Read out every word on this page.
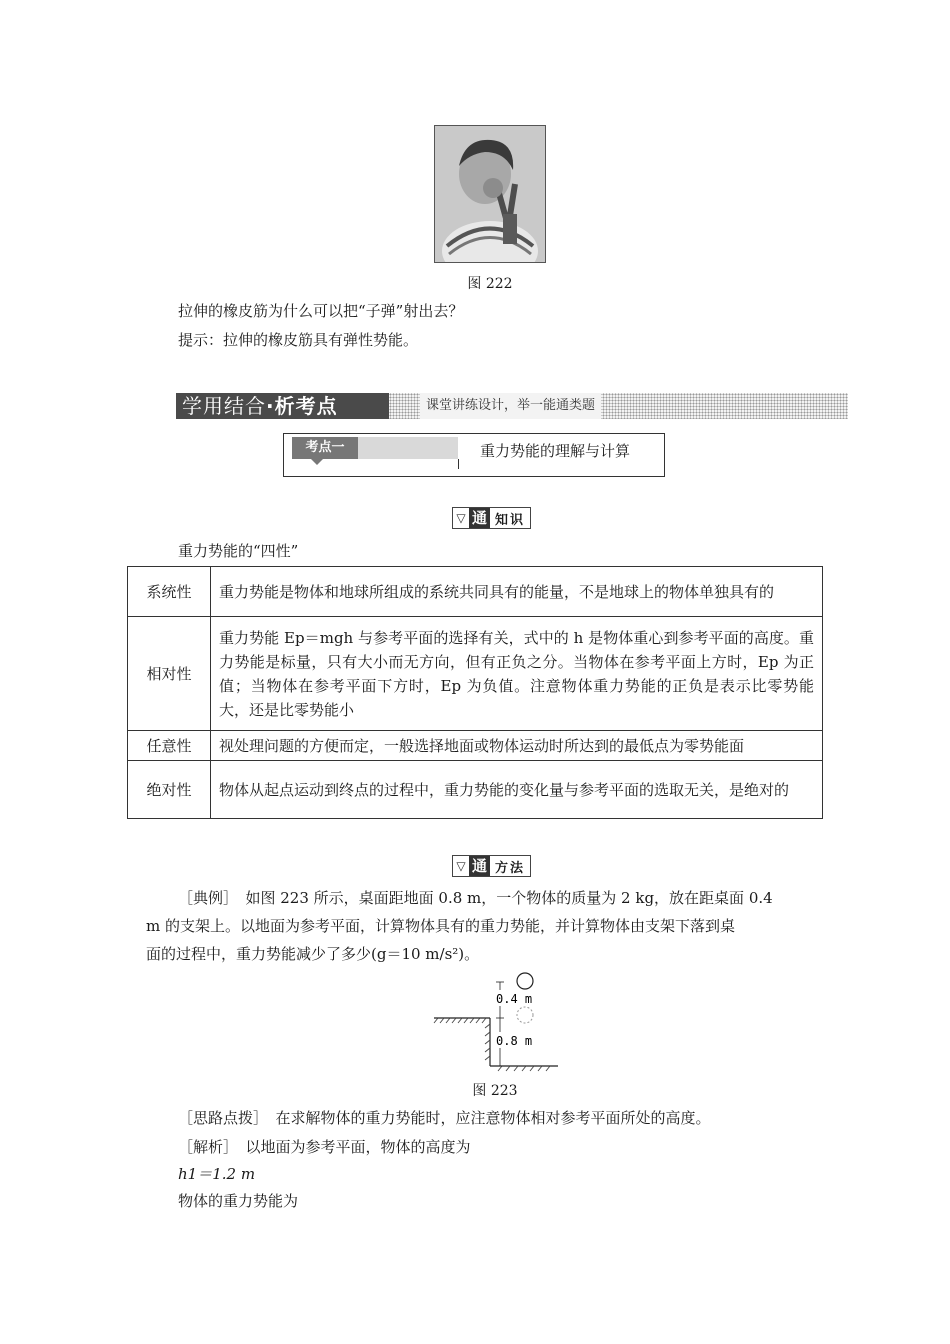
图 222
拉伸的橡皮筋为什么可以把“子弹”射出去？
提示：拉伸的橡皮筋具有弹性势能。
学用结合·析考点	课堂讲练设计，举一能通类题
考点一	重力势能的理解与计算
▽ 通 知识
重力势能的“四性”
系统性	重力势能是物体和地球所组成的系统共同具有的能量，不是地球上的物体单独具有的
相对性	重力势能 Ep＝mgh 与参考平面的选择有关，式中的 h 是物体重心到参考平面的高度。重力势能是标量，只有大小而无方向，但有正负之分。当物体在参考平面上方时，Ep 为正值；当物体在参考平面下方时，Ep 为负值。注意物体重力势能的正负是表示比零势能大，还是比零势能小
任意性	视处理问题的方便而定，一般选择地面或物体运动时所达到的最低点为零势能面
绝对性	物体从起点运动到终点的过程中，重力势能的变化量与参考平面的选取无关，是绝对的
▽ 通 方法
［典例］　如图 223 所示，桌面距地面 0.8 m，一个物体的质量为 2 kg，放在距桌面 0.4
m 的支架上。以地面为参考平面，计算物体具有的重力势能，并计算物体由支架下落到桌
面的过程中，重力势能减少了多少(g＝10 m/s²)。
0.4 m
0.8 m
图 223
［思路点拨］　在求解物体的重力势能时，应注意物体相对参考平面所处的高度。
［解析］　以地面为参考平面，物体的高度为
h1＝1.2 m
物体的重力势能为
